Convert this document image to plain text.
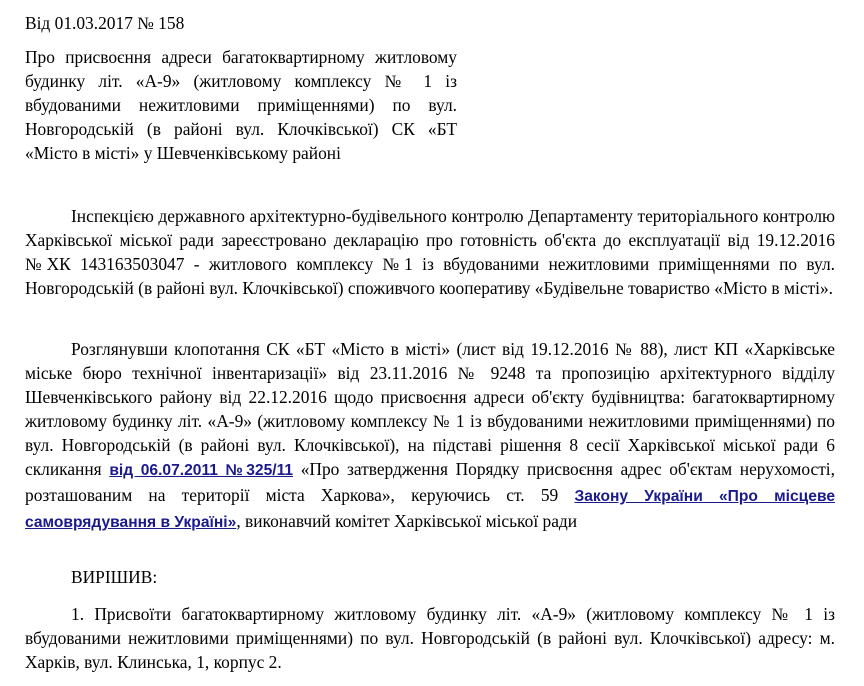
Від 01.03.2017 № 158
Про присвоєння адреси багатоквартирному житловому будинку літ. «А-9» (житловому комплексу № 1 із вбудованими нежитловими приміщеннями) по вул. Новгородській (в районі вул. Клочківської) СК «БТ «Місто в місті» у Шевченківському районі

Інспекцією державного архітектурно-будівельного контролю Департаменту територіального контролю Харківської міської ради зареєстровано декларацію про готовність об'єкта до експлуатації від 19.12.2016 №ХК 143163503047 - житлового комплексу №1 із вбудованими нежитловими приміщеннями по вул. Новгородській (в районі вул. Клочківської) споживчого кооперативу «Будівельне товариство «Місто в місті».

Розглянувши клопотання СК «БТ «Місто в місті» (лист від 19.12.2016 № 88), лист КП «Харківське міське бюро технічної інвентаризації» від 23.11.2016 № 9248 та пропозицію архітектурного відділу Шевченківського району від 22.12.2016 щодо присвоєння адреси об'єкту будівництва: багатоквартирному житловому будинку літ. «А-9» (житловому комплексу № 1 із вбудованими нежитловими приміщеннями) по вул. Новгородській (в районі вул. Клочківської), на підставі рішення 8 сесії Харківської міської ради 6 скликання від 06.07.2011 №325/11 «Про затвердження Порядку присвоєння адрес об'єктам нерухомості, розташованим на території міста Харкова», керуючись ст. 59 Закону України «Про місцеве самоврядування в Україні», виконавчий комітет Харківської міської ради

ВИРІШИВ:

1. Присвоїти багатоквартирному житловому будинку літ. «А-9» (житловому комплексу № 1 із вбудованими нежитловими приміщеннями) по вул. Новгородській (в районі вул. Клочківської) адресу: м. Харків, вул. Клинська, 1, корпус 2.
